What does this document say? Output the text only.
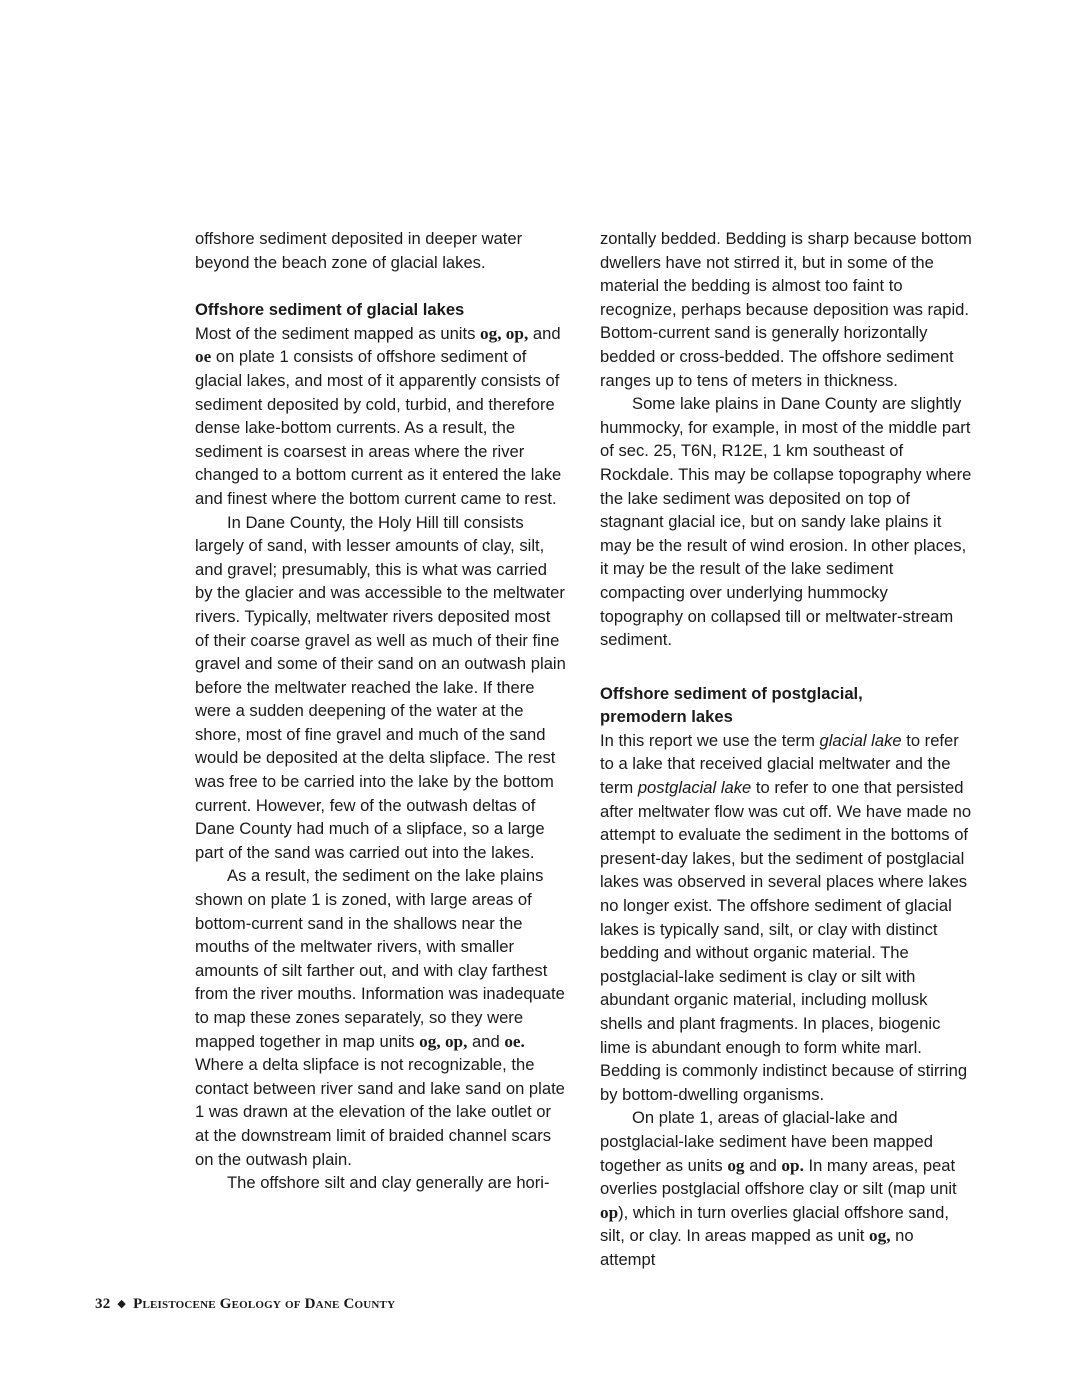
offshore sediment deposited in deeper water beyond the beach zone of glacial lakes.

Offshore sediment of glacial lakes

Most of the sediment mapped as units og, op, and oe on plate 1 consists of offshore sediment of glacial lakes, and most of it apparently consists of sediment deposited by cold, turbid, and therefore dense lake-bottom currents. As a result, the sediment is coarsest in areas where the river changed to a bottom current as it entered the lake and finest where the bottom current came to rest.

In Dane County, the Holy Hill till consists largely of sand, with lesser amounts of clay, silt, and gravel; presumably, this is what was carried by the glacier and was accessible to the meltwater rivers. Typically, meltwater rivers deposited most of their coarse gravel as well as much of their fine gravel and some of their sand on an outwash plain before the meltwater reached the lake. If there were a sudden deepening of the water at the shore, most of fine gravel and much of the sand would be deposited at the delta slipface. The rest was free to be carried into the lake by the bottom current. However, few of the outwash deltas of Dane County had much of a slipface, so a large part of the sand was carried out into the lakes.

As a result, the sediment on the lake plains shown on plate 1 is zoned, with large areas of bottom-current sand in the shallows near the mouths of the meltwater rivers, with smaller amounts of silt farther out, and with clay farthest from the river mouths. Information was inadequate to map these zones separately, so they were mapped together in map units og, op, and oe. Where a delta slipface is not recognizable, the contact between river sand and lake sand on plate 1 was drawn at the elevation of the lake outlet or at the downstream limit of braided channel scars on the outwash plain.

The offshore silt and clay generally are hori-

zontally bedded. Bedding is sharp because bottom dwellers have not stirred it, but in some of the material the bedding is almost too faint to recognize, perhaps because deposition was rapid. Bottom-current sand is generally horizontally bedded or cross-bedded. The offshore sediment ranges up to tens of meters in thickness.

Some lake plains in Dane County are slightly hummocky, for example, in most of the middle part of sec. 25, T6N, R12E, 1 km southeast of Rockdale. This may be collapse topography where the lake sediment was deposited on top of stagnant glacial ice, but on sandy lake plains it may be the result of wind erosion. In other places, it may be the result of the lake sediment compacting over underlying hummocky topography on collapsed till or meltwater-stream sediment.

Offshore sediment of postglacial,
premodern lakes

In this report we use the term glacial lake to refer to a lake that received glacial meltwater and the term postglacial lake to refer to one that persisted after meltwater flow was cut off. We have made no attempt to evaluate the sediment in the bottoms of present-day lakes, but the sediment of postglacial lakes was observed in several places where lakes no longer exist. The offshore sediment of glacial lakes is typically sand, silt, or clay with distinct bedding and without organic material. The postglacial-lake sediment is clay or silt with abundant organic material, including mollusk shells and plant fragments. In places, biogenic lime is abundant enough to form white marl. Bedding is commonly indistinct because of stirring by bottom-dwelling organisms.

On plate 1, areas of glacial-lake and postglacial-lake sediment have been mapped together as units og and op. In many areas, peat overlies postglacial offshore clay or silt (map unit op), which in turn overlies glacial offshore sand, silt, or clay. In areas mapped as unit og, no attempt

32 ◆ Pleistocene Geology of Dane County
